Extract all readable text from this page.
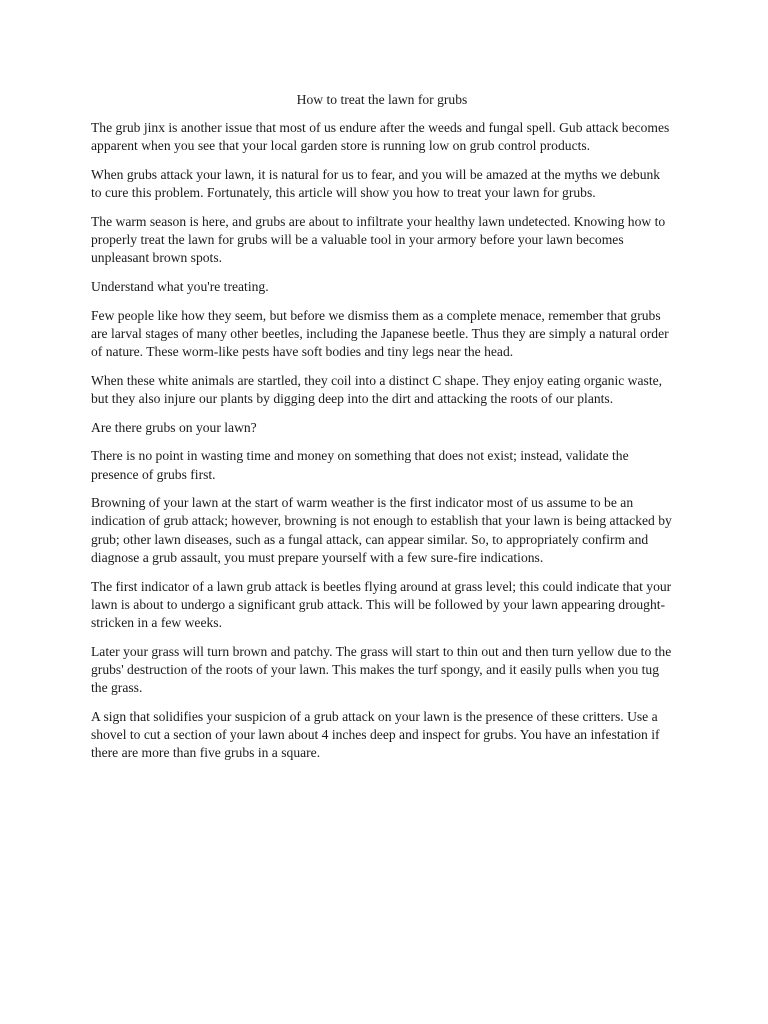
How to treat the lawn for grubs

The grub jinx is another issue that most of us endure after the weeds and fungal spell. Gub attack becomes apparent when you see that your local garden store is running low on grub control products.

When grubs attack your lawn, it is natural for us to fear, and you will be amazed at the myths we debunk to cure this problem. Fortunately, this article will show you how to treat your lawn for grubs.

The warm season is here, and grubs are about to infiltrate your healthy lawn undetected. Knowing how to properly treat the lawn for grubs will be a valuable tool in your armory before your lawn becomes unpleasant brown spots.

Understand what you're treating.

Few people like how they seem, but before we dismiss them as a complete menace, remember that grubs are larval stages of many other beetles, including the Japanese beetle. Thus they are simply a natural order of nature. These worm-like pests have soft bodies and tiny legs near the head.

When these white animals are startled, they coil into a distinct C shape. They enjoy eating organic waste, but they also injure our plants by digging deep into the dirt and attacking the roots of our plants.

Are there grubs on your lawn?

There is no point in wasting time and money on something that does not exist; instead, validate the presence of grubs first.

Browning of your lawn at the start of warm weather is the first indicator most of us assume to be an indication of grub attack; however, browning is not enough to establish that your lawn is being attacked by grub; other lawn diseases, such as a fungal attack, can appear similar. So, to appropriately confirm and diagnose a grub assault, you must prepare yourself with a few sure-fire indications.

The first indicator of a lawn grub attack is beetles flying around at grass level; this could indicate that your lawn is about to undergo a significant grub attack. This will be followed by your lawn appearing drought-stricken in a few weeks.

Later your grass will turn brown and patchy. The grass will start to thin out and then turn yellow due to the grubs' destruction of the roots of your lawn. This makes the turf spongy, and it easily pulls when you tug the grass.

A sign that solidifies your suspicion of a grub attack on your lawn is the presence of these critters. Use a shovel to cut a section of your lawn about 4 inches deep and inspect for grubs. You have an infestation if there are more than five grubs in a square.
